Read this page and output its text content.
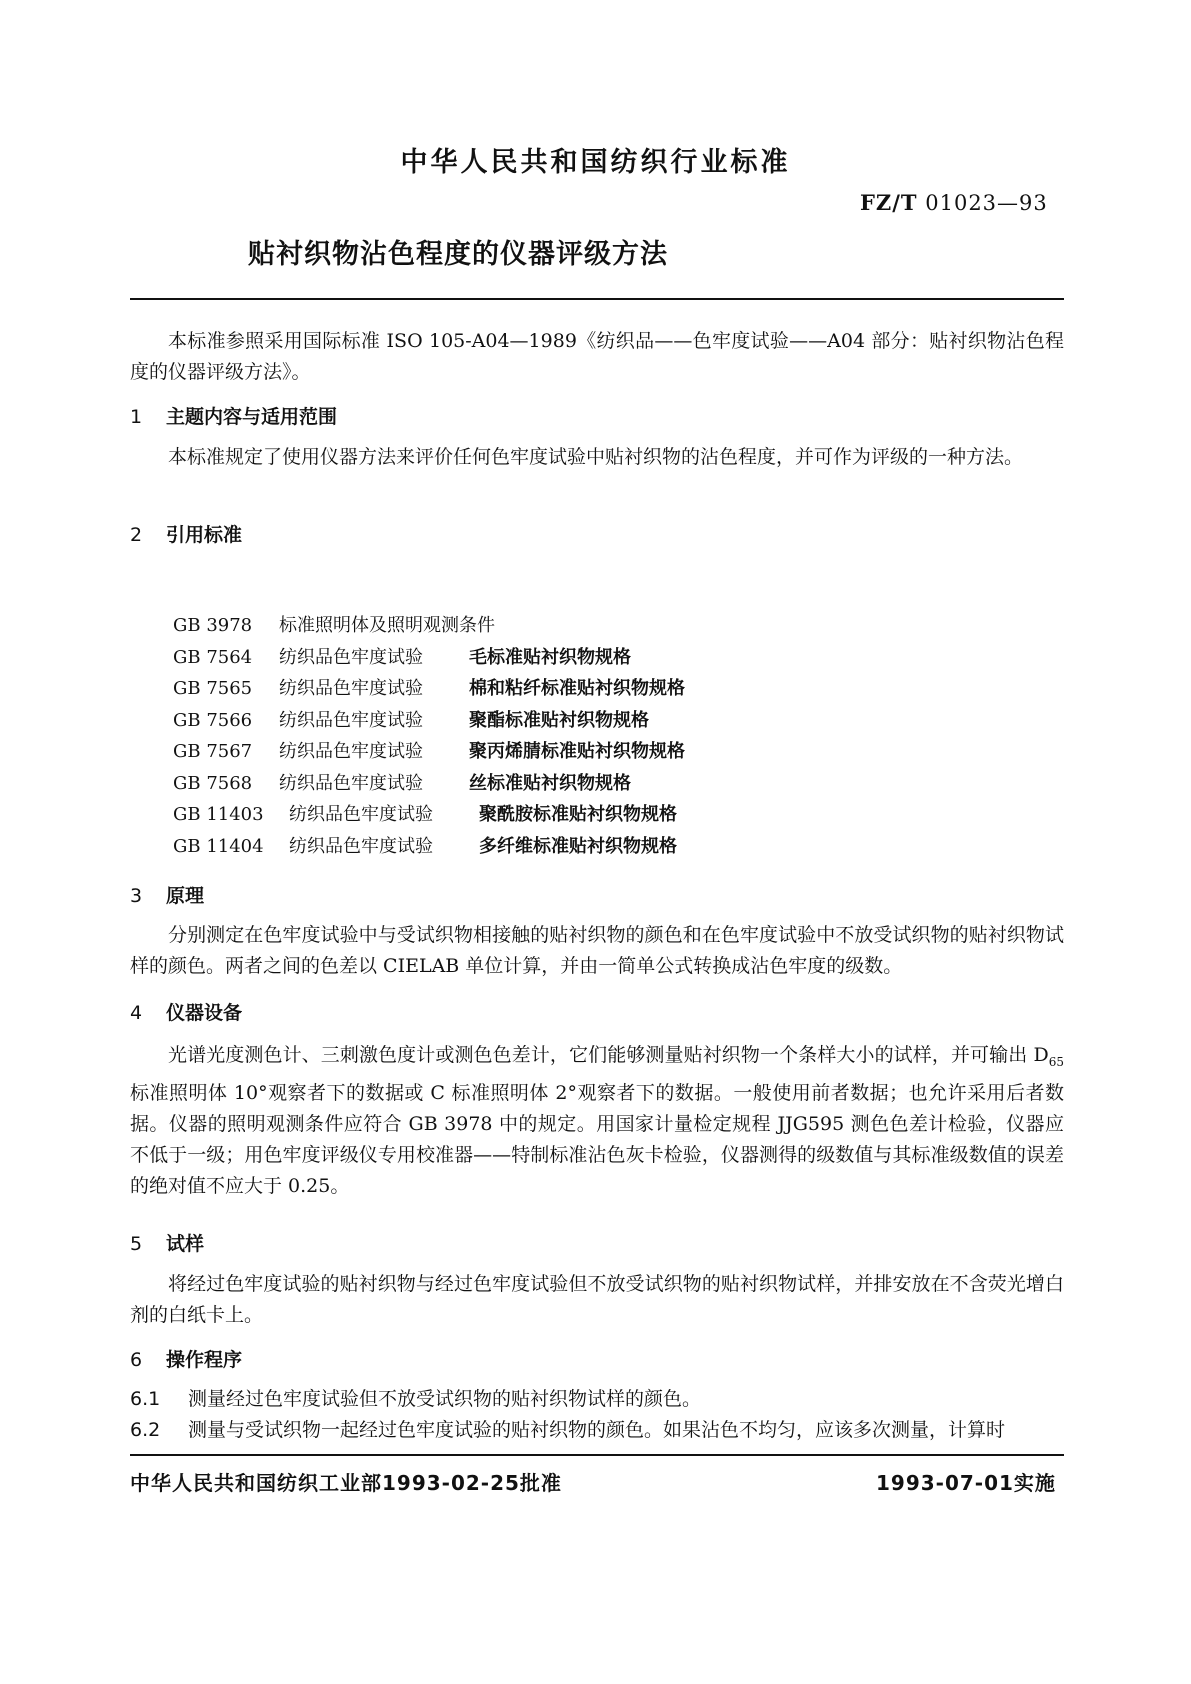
中华人民共和国纺织行业标准
FZ/T 01023—93
贴衬织物沾色程度的仪器评级方法
本标准参照采用国际标准 ISO 105-A04—1989《纺织品——色牢度试验——A04 部分：贴衬织物沾色程度的仪器评级方法》。
1 主题内容与适用范围
本标准规定了使用仪器方法来评价任何色牢度试验中贴衬织物的沾色程度，并可作为评级的一种方法。
2 引用标准
GB 3978 标准照明体及照明观测条件
GB 7564 纺织品色牢度试验	毛标准贴衬织物规格
GB 7565 纺织品色牢度试验	棉和粘纤标准贴衬织物规格
GB 7566 纺织品色牢度试验	聚酯标准贴衬织物规格
GB 7567 纺织品色牢度试验	聚丙烯腈标准贴衬织物规格
GB 7568 纺织品色牢度试验	丝标准贴衬织物规格
GB 11403 纺织品色牢度试验	聚酰胺标准贴衬织物规格
GB 11404 纺织品色牢度试验	多纤维标准贴衬织物规格
3 原理
分别测定在色牢度试验中与受试织物相接触的贴衬织物的颜色和在色牢度试验中不放受试织物的贴衬织物试样的颜色。两者之间的色差以 CIELAB 单位计算，并由一简单公式转换成沾色牢度的级数。
4 仪器设备
光谱光度测色计、三刺激色度计或测色色差计，它们能够测量贴衬织物一个条样大小的试样，并可输出 $D_{65}$标准照明体 10°观察者下的数据或 C 标准照明体 2°观察者下的数据。一般使用前者数据；也允许采用后者数据。仪器的照明观测条件应符合 GB 3978 中的规定。用国家计量检定规程 JJG595 测色色差计检验，仪器应不低于一级；用色牢度评级仪专用校准器——特制标准沾色灰卡检验，仪器测得的级数值与其标准级数值的误差的绝对值不应大于 0.25。
5 试样
将经过色牢度试验的贴衬织物与经过色牢度试验但不放受试织物的贴衬织物试样，并排安放在不含荧光增白剂的白纸卡上。
6 操作程序
6.1 测量经过色牢度试验但不放受试织物的贴衬织物试样的颜色。
6.2 测量与受试织物一起经过色牢度试验的贴衬织物的颜色。如果沾色不均匀，应该多次测量，计算时
中华人民共和国纺织工业部1993-02-25批准	1993-07-01实施
